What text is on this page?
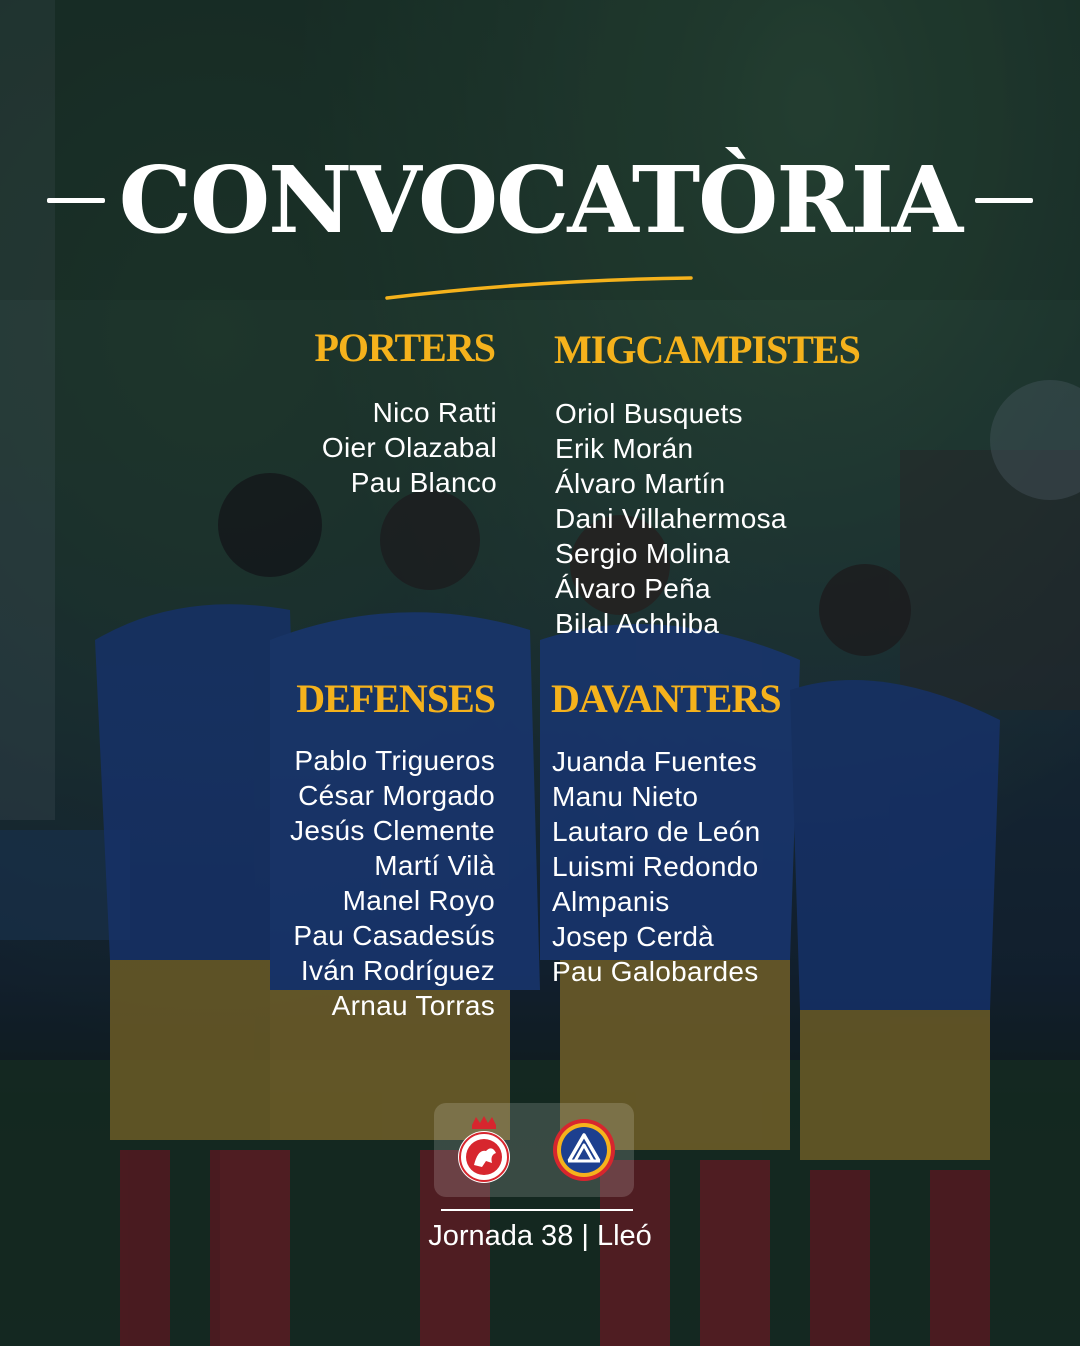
CONVOCATÒRIA
PORTERS
Nico Ratti
Oier Olazabal
Pau Blanco
MIGCAMPISTES
Oriol Busquets
Erik Morán
Álvaro Martín
Dani Villahermosa
Sergio Molina
Álvaro Peña
Bilal Achhiba
DEFENSES
Pablo Trigueros
César Morgado
Jesús Clemente
Martí Vilà
Manel Royo
Pau Casadesús
Iván Rodríguez
Arnau Torras
DAVANTERS
Juanda Fuentes
Manu Nieto
Lautaro de León
Luismi Redondo
Almpanis
Josep Cerdà
Pau Galobardes
Jornada 38 | Lleó
